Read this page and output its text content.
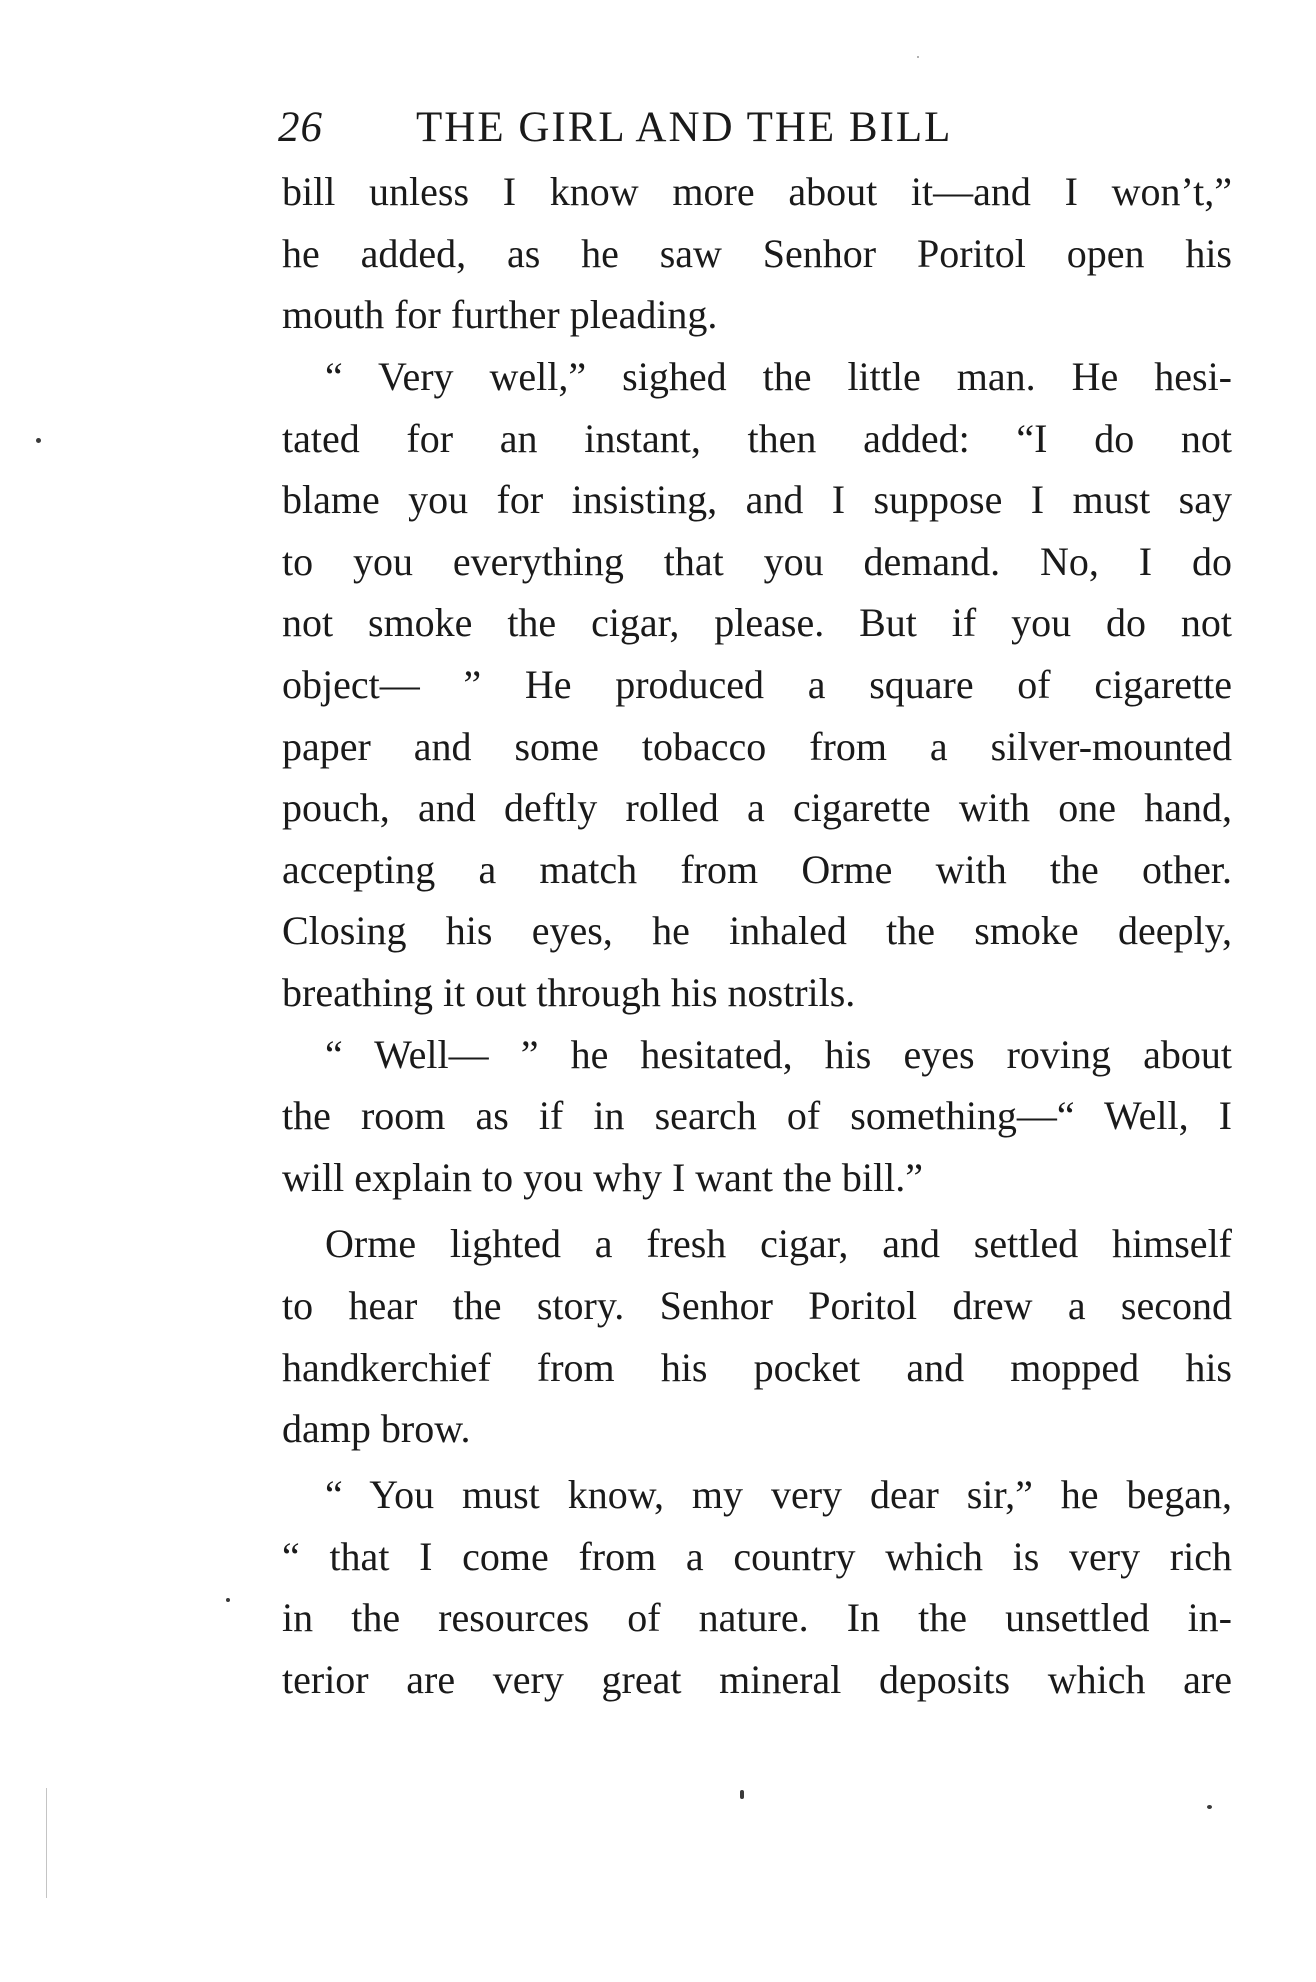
26 THE GIRL AND THE BILL
bill unless I know more about it—and I won’t,”
he added, as he saw Senhor Poritol open his
mouth for further pleading.
“ Very well,” sighed the little man. He hesi-
tated for an instant, then added: “I do not
blame you for insisting, and I suppose I must say
to you everything that you demand. No, I do
not smoke the cigar, please. But if you do not
object— ” He produced a square of cigarette
paper and some tobacco from a silver-mounted
pouch, and deftly rolled a cigarette with one hand,
accepting a match from Orme with the other.
Closing his eyes, he inhaled the smoke deeply,
breathing it out through his nostrils.
“ Well— ” he hesitated, his eyes roving about
the room as if in search of something—“ Well, I
will explain to you why I want the bill.”
Orme lighted a fresh cigar, and settled himself
to hear the story. Senhor Poritol drew a second
handkerchief from his pocket and mopped his
damp brow.
“ You must know, my very dear sir,” he began,
“ that I come from a country which is very rich
in the resources of nature. In the unsettled in-
terior are very great mineral deposits which are
